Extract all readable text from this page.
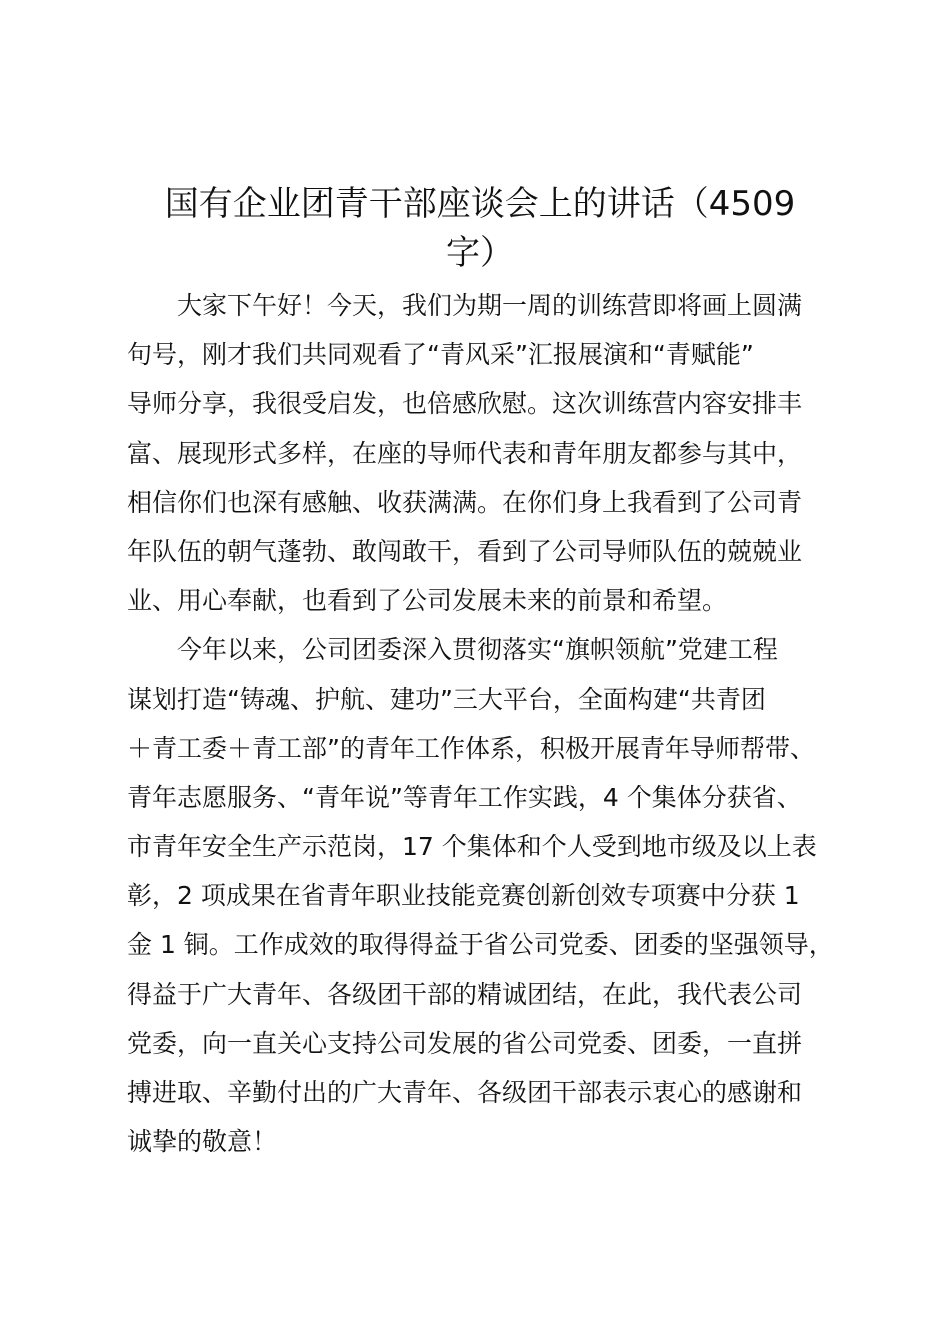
国有企业团青干部座谈会上的讲话（4509
字）
大家下午好！今天，我们为期一周的训练营即将画上圆满
句号，刚才我们共同观看了“青风采”汇报展演和“青赋能”
导师分享，我很受启发，也倍感欣慰。这次训练营内容安排丰
富、展现形式多样，在座的导师代表和青年朋友都参与其中，
相信你们也深有感触、收获满满。在你们身上我看到了公司青
年队伍的朝气蓬勃、敢闯敢干，看到了公司导师队伍的兢兢业
业、用心奉献，也看到了公司发展未来的前景和希望。
今年以来，公司团委深入贯彻落实“旗帜领航”党建工程
谋划打造“铸魂、护航、建功”三大平台，全面构建“共青团
＋青工委＋青工部”的青年工作体系，积极开展青年导师帮带、
青年志愿服务、“青年说”等青年工作实践，4 个集体分获省、
市青年安全生产示范岗，17 个集体和个人受到地市级及以上表
彰，2 项成果在省青年职业技能竞赛创新创效专项赛中分获 1
金 1 铜。工作成效的取得得益于省公司党委、团委的坚强领导，
得益于广大青年、各级团干部的精诚团结，在此，我代表公司
党委，向一直关心支持公司发展的省公司党委、团委，一直拼
搏进取、辛勤付出的广大青年、各级团干部表示衷心的感谢和
诚挚的敬意！
